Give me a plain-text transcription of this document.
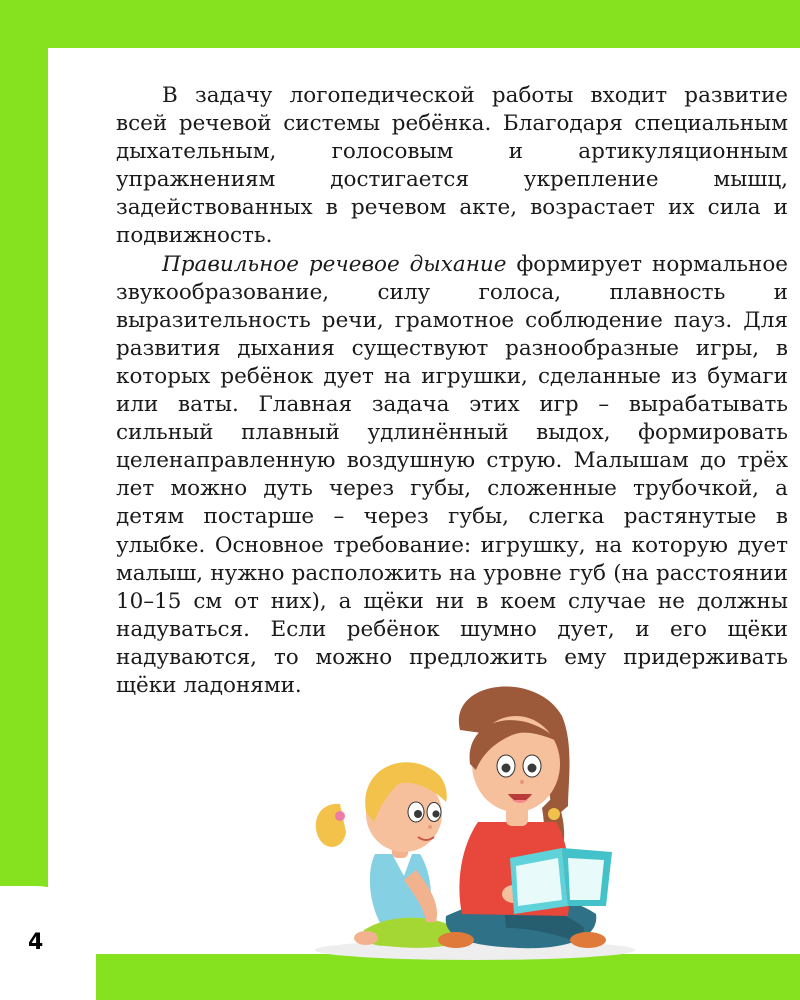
В задачу логопедической работы входит развитие всей речевой системы ребёнка. Благодаря специальным дыхательным, голосовым и артикуляционным упражнениям достигается укрепление мышц, задействованных в речевом акте, возрастает их сила и подвижность.

Правильное речевое дыхание формирует нормальное звукообразование, силу голоса, плавность и выразительность речи, грамотное соблюдение пауз. Для развития дыхания существуют разнообразные игры, в которых ребёнок дует на игрушки, сделанные из бумаги или ваты. Главная задача этих игр – вырабатывать сильный плавный удлинённый выдох, формировать целенаправленную воздушную струю. Малышам до трёх лет можно дуть через губы, сложенные трубочкой, а детям постарше – через губы, слегка растянутые в улыбке. Основное требование: игрушку, на которую дует малыш, нужно расположить на уровне губ (на расстоянии 10–15 см от них), а щёки ни в коем случае не должны надуваться. Если ребёнок шумно дует, и его щёки надуваются, то можно предложить ему придерживать щёки ладонями.

4
